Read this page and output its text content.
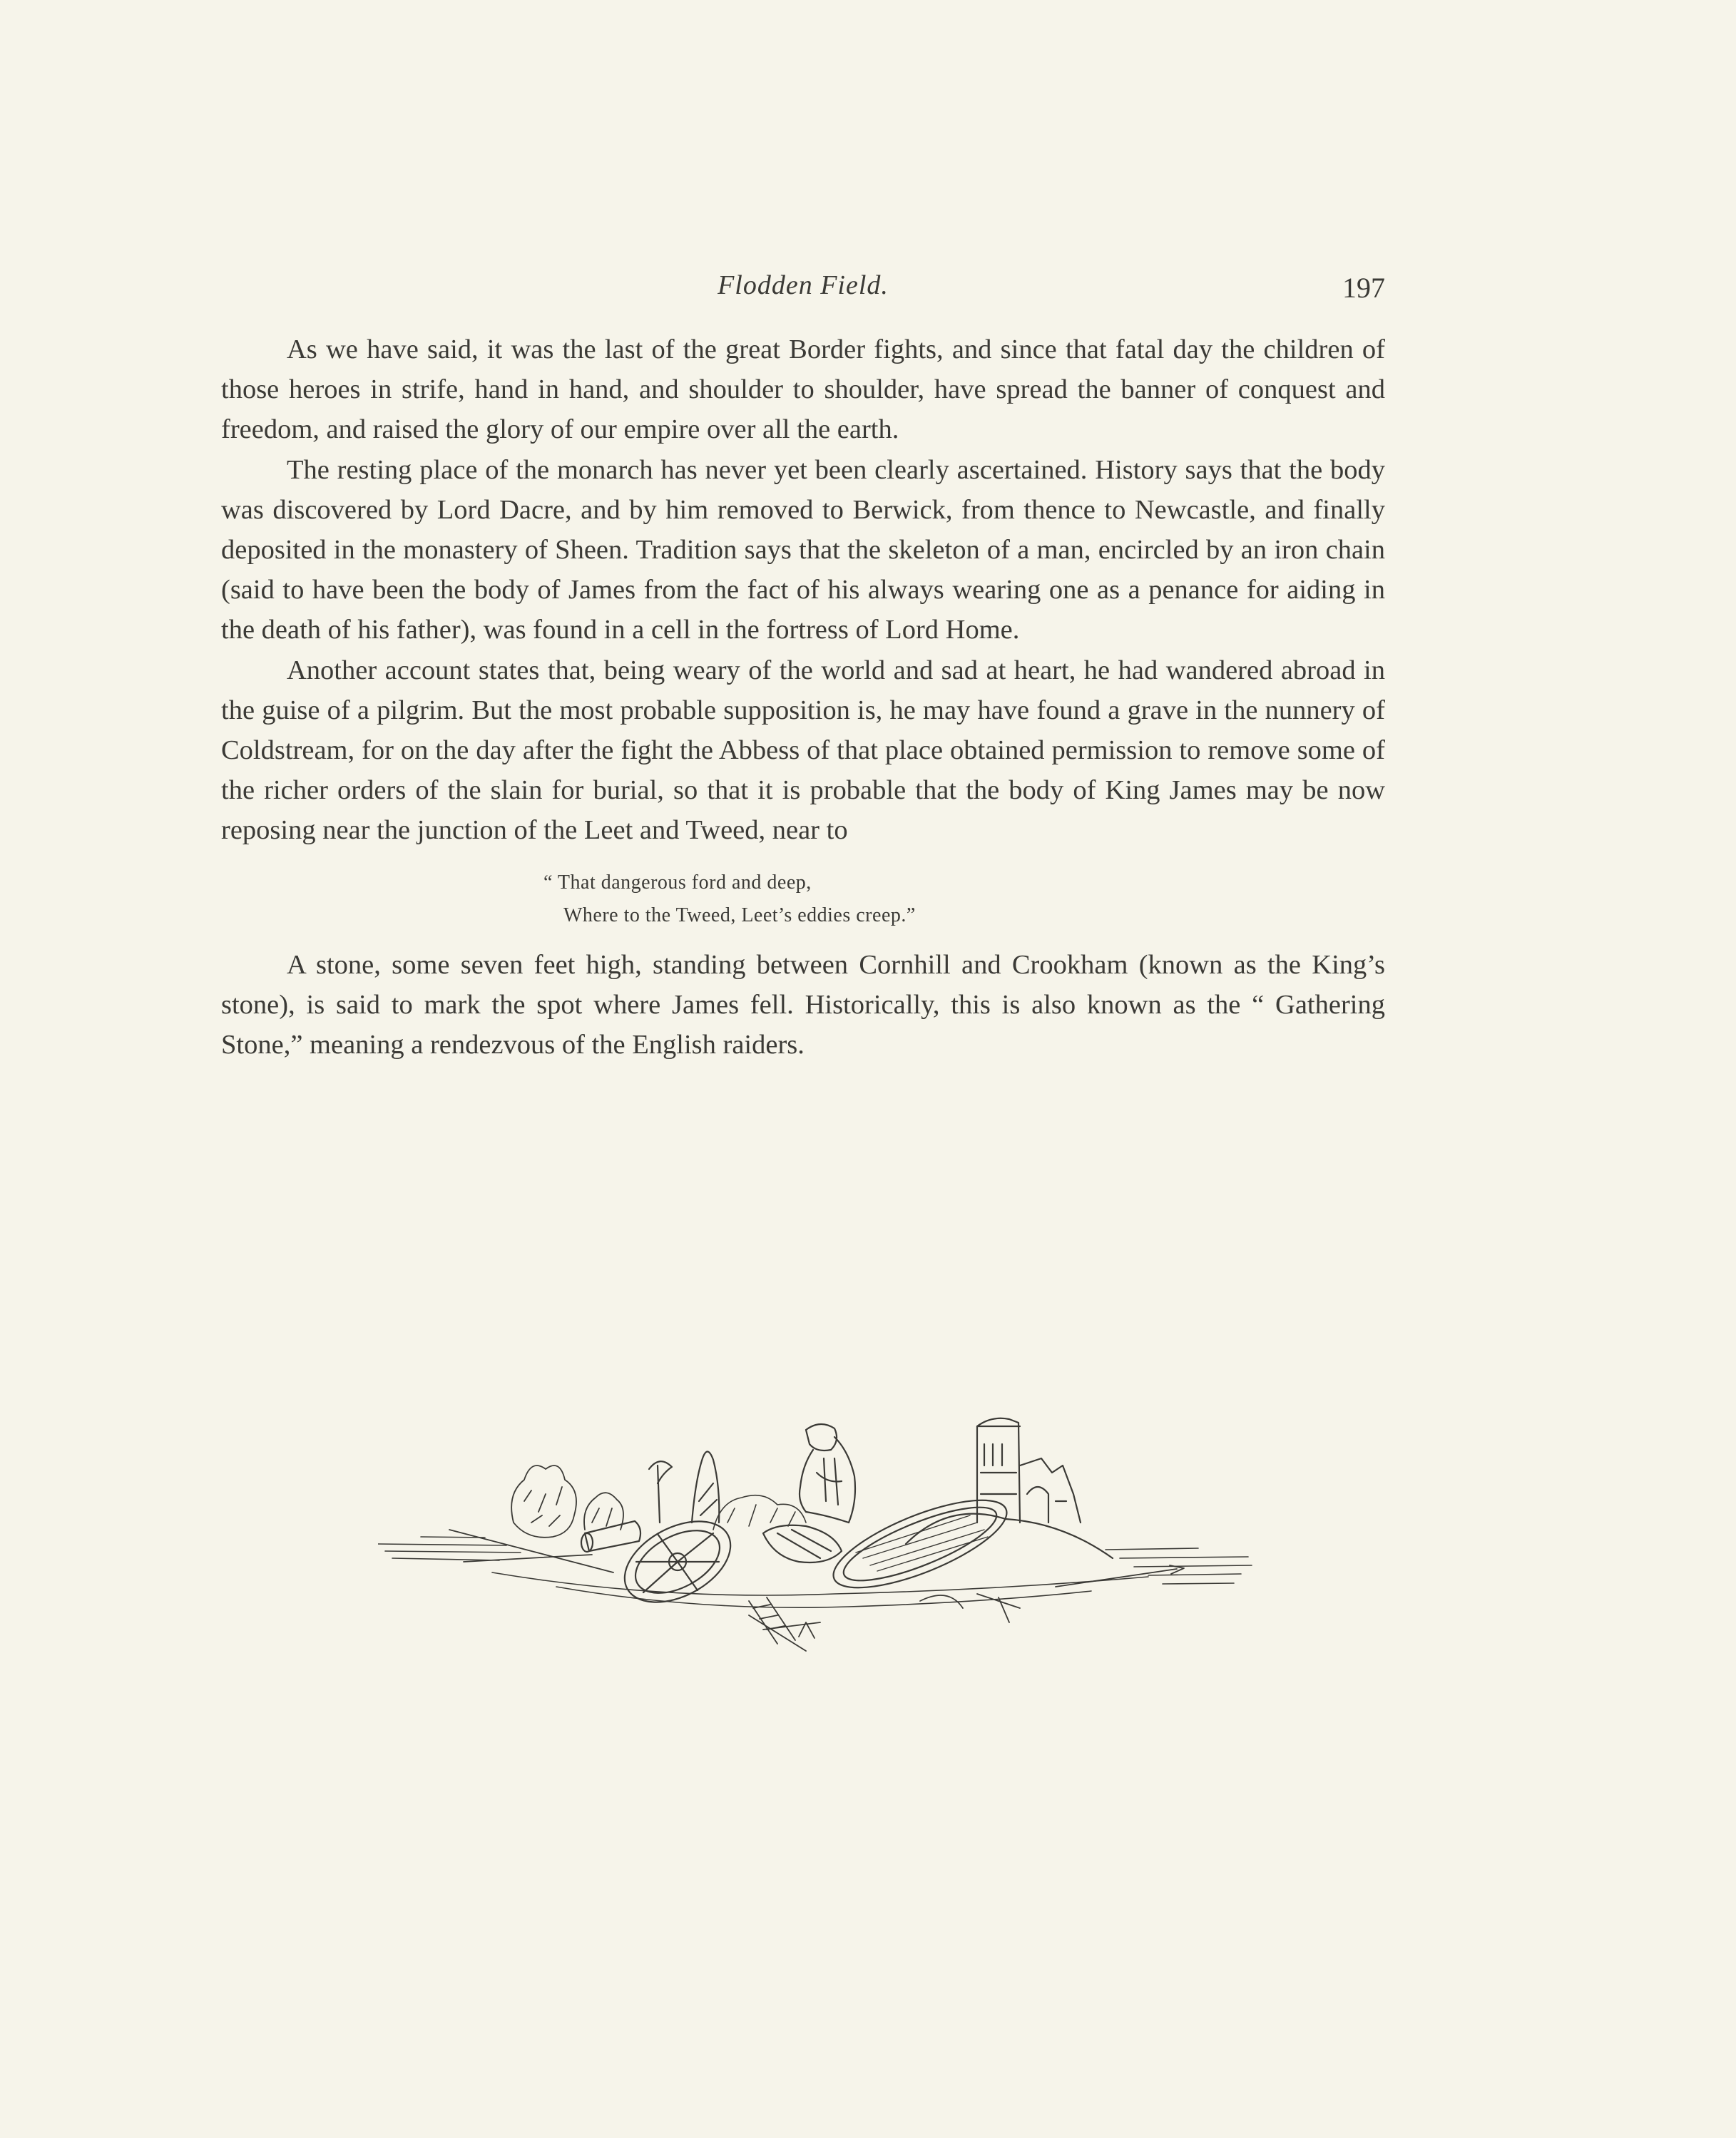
Flodden Field.	197

As we have said, it was the last of the great Border fights, and since that fatal day the children of those heroes in strife, hand in hand, and shoulder to shoulder, have spread the banner of conquest and freedom, and raised the glory of our empire over all the earth.

The resting place of the monarch has never yet been clearly ascertained. History says that the body was discovered by Lord Dacre, and by him removed to Berwick, from thence to Newcastle, and finally deposited in the monastery of Sheen. Tradition says that the skeleton of a man, encircled by an iron chain (said to have been the body of James from the fact of his always wearing one as a penance for aiding in the death of his father), was found in a cell in the fortress of Lord Home.

Another account states that, being weary of the world and sad at heart, he had wandered abroad in the guise of a pilgrim. But the most probable supposition is, he may have found a grave in the nunnery of Coldstream, for on the day after the fight the Abbess of that place obtained permission to remove some of the richer orders of the slain for burial, so that it is probable that the body of King James may be now reposing near the junction of the Leet and Tweed, near to

“ That dangerous ford and deep,
Where to the Tweed, Leet’s eddies creep.”

A stone, some seven feet high, standing between Cornhill and Crookham (known as the King’s stone), is said to mark the spot where James fell. Historically, this is also known as the “ Gathering Stone,” meaning a rendezvous of the English raiders.
